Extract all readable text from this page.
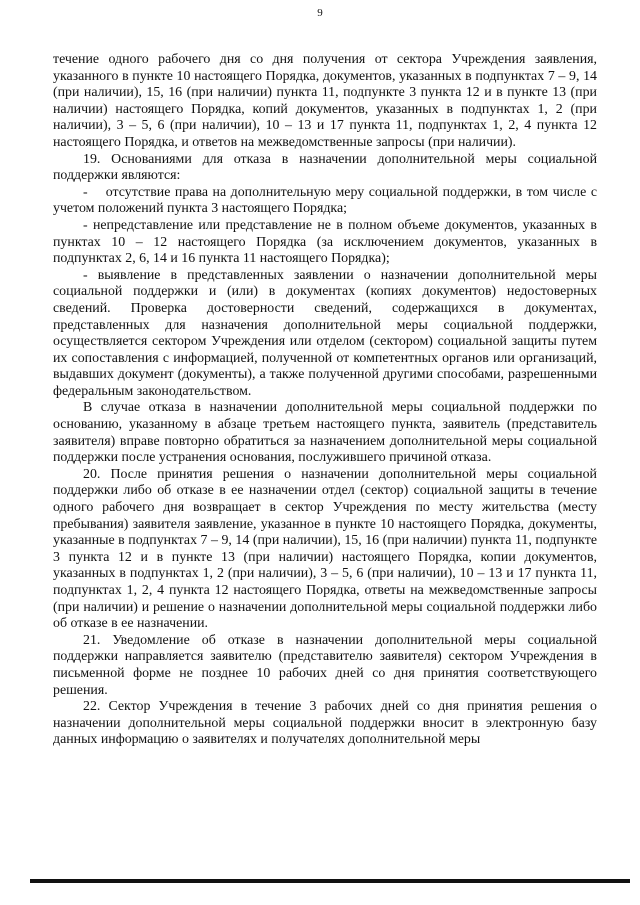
9

течение одного рабочего дня со дня получения от сектора Учреждения заявления, указанного в пункте 10 настоящего Порядка, документов, указанных в подпунктах 7 – 9, 14 (при наличии), 15, 16 (при наличии) пункта 11, подпункте 3 пункта 12 и в пункте 13 (при наличии) настоящего Порядка, копий документов, указанных в подпунктах 1, 2 (при наличии), 3 – 5, 6 (при наличии), 10 – 13 и 17 пункта 11, подпунктах 1, 2, 4 пункта 12 настоящего Порядка, и ответов на межведомственные запросы (при наличии).

19. Основаниями для отказа в назначении дополнительной меры социальной поддержки являются:

-    отсутствие права на дополнительную меру социальной поддержки, в том числе с учетом положений пункта 3 настоящего Порядка;

- непредставление или представление не в полном объеме документов, указанных в пунктах 10 – 12 настоящего Порядка (за исключением документов, указанных в подпунктах 2, 6, 14 и 16 пункта 11 настоящего Порядка);

- выявление в представленных заявлении о назначении дополнительной меры социальной поддержки и (или) в документах (копиях документов) недостоверных сведений. Проверка достоверности сведений, содержащихся в документах, представленных для назначения дополнительной меры социальной поддержки, осуществляется сектором Учреждения или отделом (сектором) социальной защиты путем их сопоставления с информацией, полученной от компетентных органов или организаций, выдавших документ (документы), а также полученной другими способами, разрешенными федеральным законодательством.

В случае отказа в назначении дополнительной меры социальной поддержки по основанию, указанному в абзаце третьем настоящего пункта, заявитель (представитель заявителя) вправе повторно обратиться за назначением дополнительной меры социальной поддержки после устранения основания, послужившего причиной отказа.

20. После принятия решения о назначении дополнительной меры социальной поддержки либо об отказе в ее назначении отдел (сектор) социальной защиты в течение одного рабочего дня возвращает в сектор Учреждения по месту жительства (месту пребывания) заявителя заявление, указанное в пункте 10 настоящего Порядка, документы, указанные в подпунктах 7 – 9, 14 (при наличии), 15, 16 (при наличии) пункта 11, подпункте 3 пункта 12 и в пункте 13 (при наличии) настоящего Порядка, копии документов, указанных в подпунктах 1, 2 (при наличии), 3 – 5, 6 (при наличии), 10 – 13 и 17 пункта 11, подпунктах 1, 2, 4 пункта 12 настоящего Порядка, ответы на межведомственные запросы (при наличии) и решение о назначении дополнительной меры социальной поддержки либо об отказе в ее назначении.

21. Уведомление об отказе в назначении дополнительной меры социальной поддержки направляется заявителю (представителю заявителя) сектором Учреждения в письменной форме не позднее 10 рабочих дней со дня принятия соответствующего решения.

22. Сектор Учреждения в течение 3 рабочих дней со дня принятия решения о назначении дополнительной меры социальной поддержки вносит в электронную базу данных информацию о заявителях и получателях дополнительной меры
